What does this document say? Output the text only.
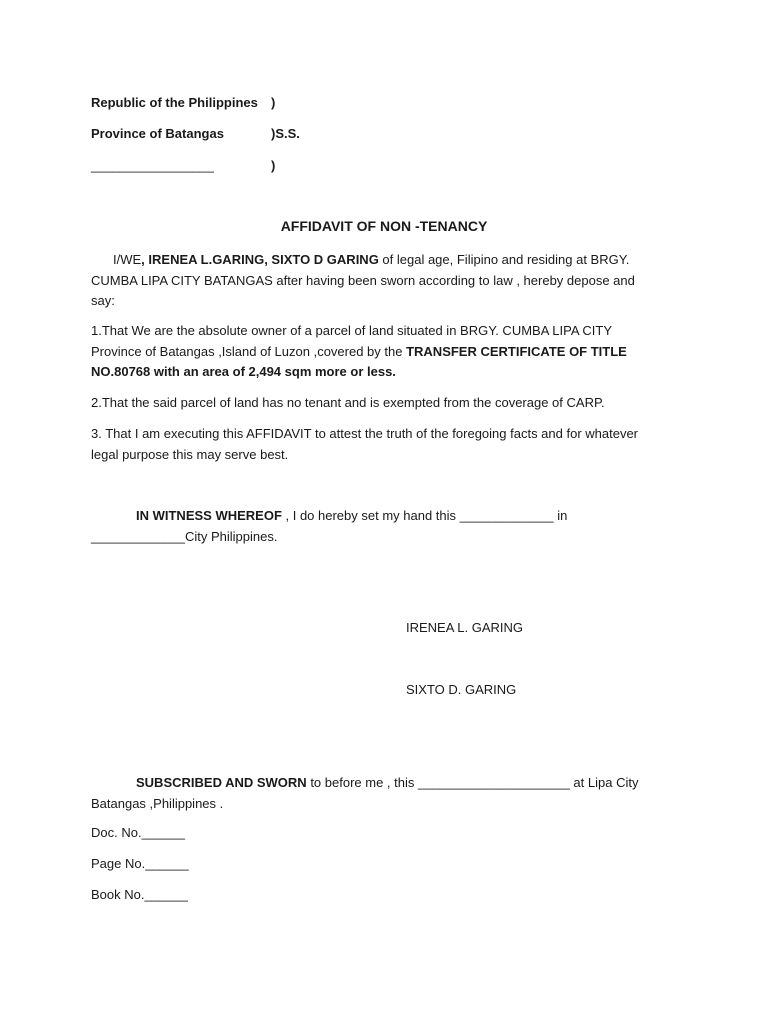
Republic of the Philippines )
Province of Batangas	)S.S.
_________________	)
AFFIDAVIT OF NON -TENANCY
I/WE, IRENEA L.GARING, SIXTO D GARING of legal age, Filipino and residing at BRGY.
CUMBA LIPA CITY BATANGAS after having been sworn according to law , hereby depose and
say:
1.That We are the absolute owner of a parcel of land situated in BRGY. CUMBA LIPA CITY
Province of Batangas ,Island of Luzon ,covered by the TRANSFER CERTIFICATE OF TITLE
NO.80768 with an area of 2,494 sqm more or less.
2.That the said parcel of land has no tenant and is exempted from the coverage of CARP.
3. That I am executing this AFFIDAVIT to attest the truth of the foregoing facts and for whatever
legal purpose this may serve best.
IN WITNESS WHEREOF , I do hereby set my hand this _____________ in
_____________City Philippines.
IRENEA L. GARING
SIXTO D. GARING
SUBSCRIBED AND SWORN to before me , this _____________________ at Lipa City
Batangas ,Philippines .
Doc. No.______
Page No.______
Book No.______
